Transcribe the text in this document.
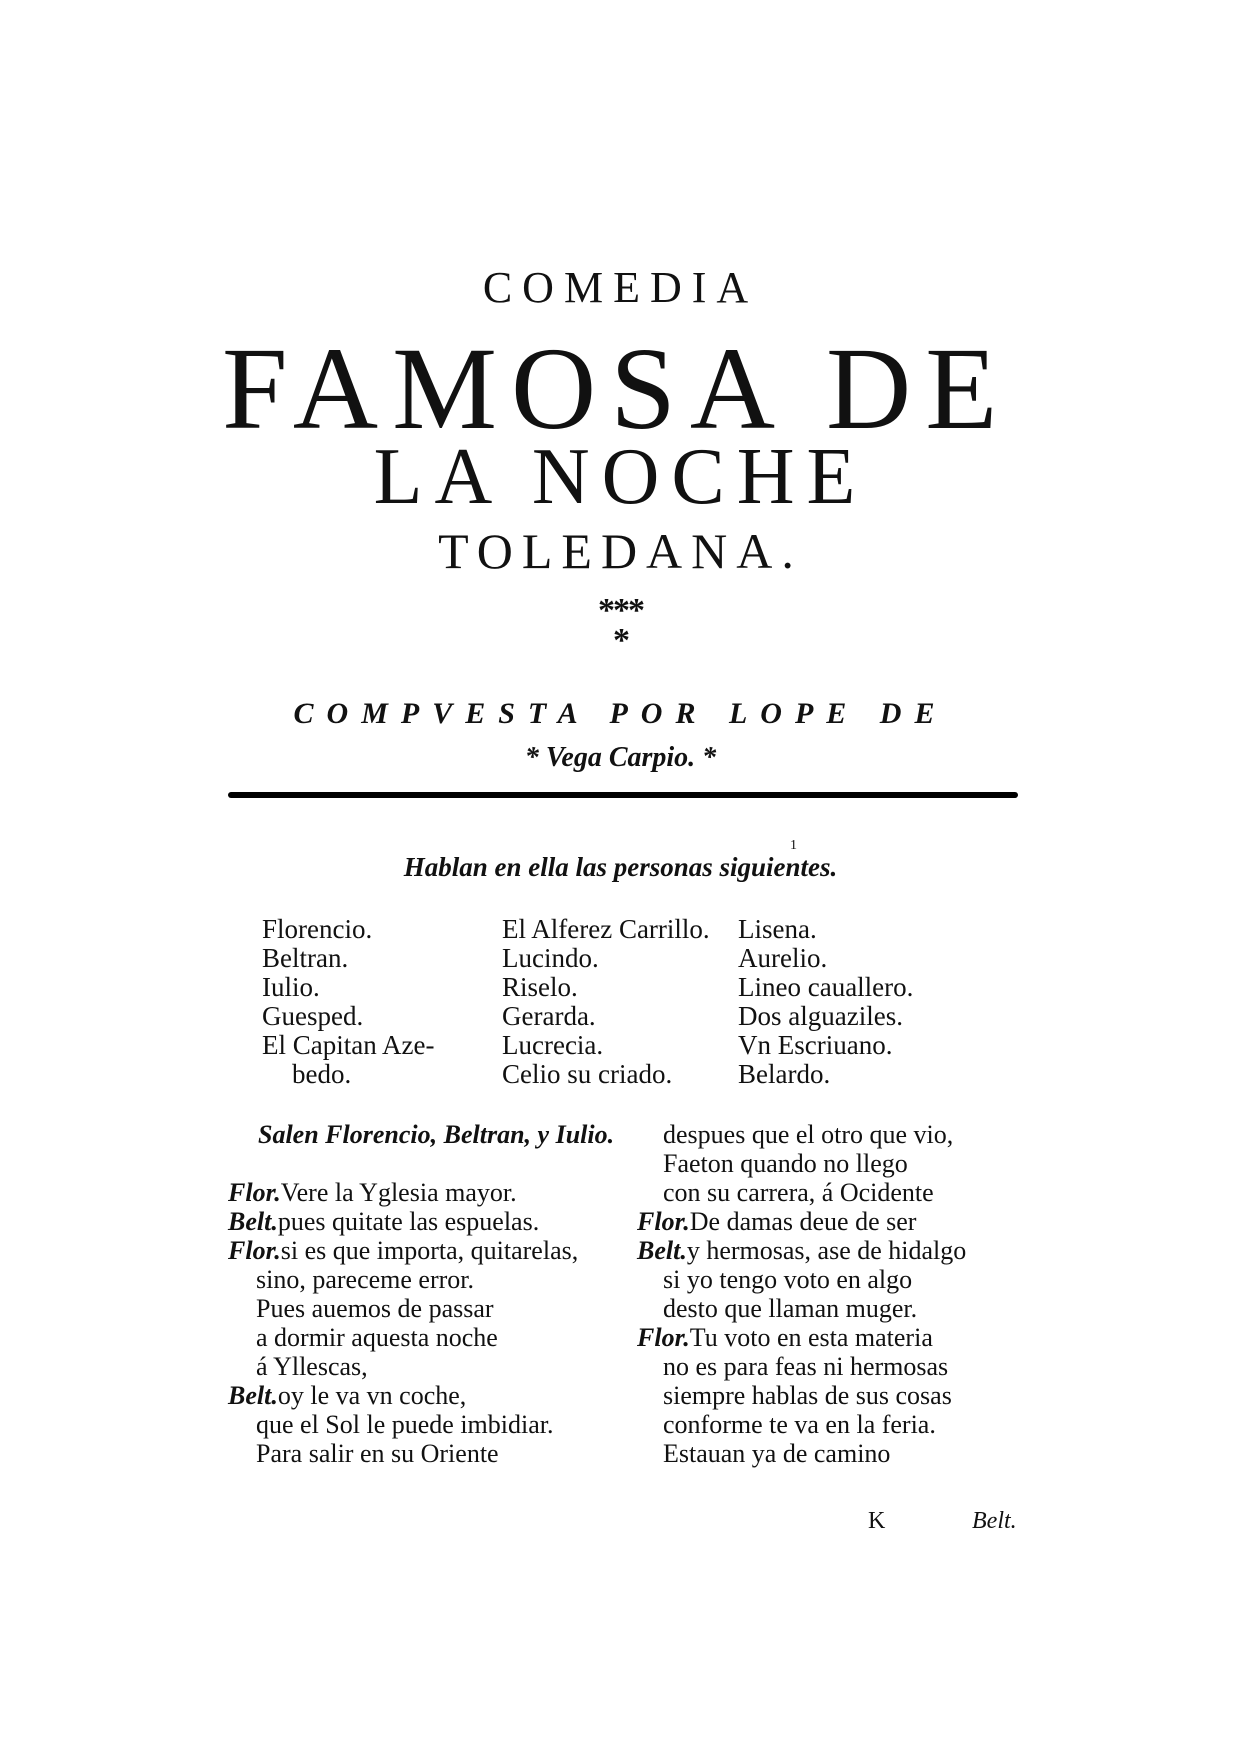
COMEDIA
FAMOSA DE
LA NOCHE
TOLEDANA.
***
*
COMPVESTA POR LOPE DE
* Vega Carpio. *
Hablan en ella las personas siguientes.
1
Florencio.
Beltran.
Iulio.
Guesped.
El Capitan Aze-
bedo.
El Alferez Carrillo.
Lucindo.
Riselo.
Gerarda.
Lucrecia.
Celio su criado.
Lisena.
Aurelio.
Lineo cauallero.
Dos alguaziles.
Vn Escriuano.
Belardo.
Salen Florencio, Beltran, y Iulio.
Flor.Vere la Yglesia mayor.
Belt.pues quitate las espuelas.
Flor.si es que importa, quitarelas,
sino, pareceme error.
Pues auemos de passar
a dormir aquesta noche
á Yllescas,
Belt.oy le va vn coche,
que el Sol le puede imbidiar.
Para salir en su Oriente
despues que el otro que vio,
Faeton quando no llego
con su carrera, á Ocidente
Flor.De damas deue de ser
Belt.y hermosas, ase de hidalgo
si yo tengo voto en algo
desto que llaman muger.
Flor.Tu voto en esta materia
no es para feas ni hermosas
siempre hablas de sus cosas
conforme te va en la feria.
Estauan ya de camino
K	Belt.
